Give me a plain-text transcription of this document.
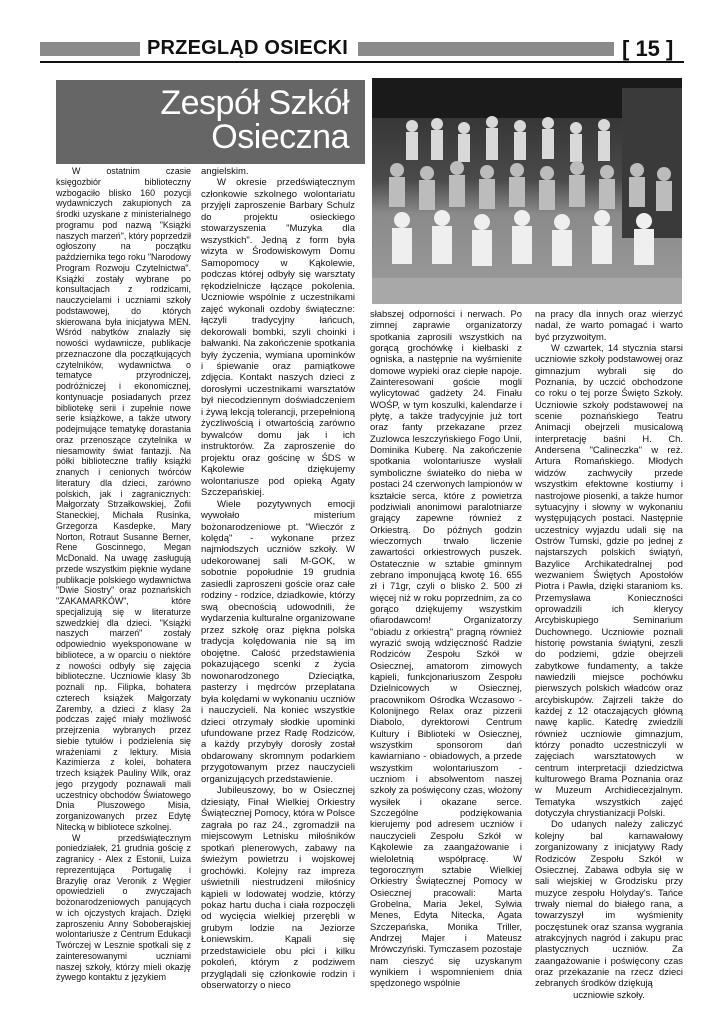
PRZEGLĄD OSIECKI	[ 15 ]
Zespół Szkół
Osieczna

W ostatnim czasie księgozbiór biblioteczny wzbogaciło blisko 160 pozycji wydawniczych zakupionych za środki uzyskane z ministerialnego programu pod nazwą "Książki naszych marzeń", który poprzedził ogłoszony na początku października tego roku "Narodowy Program Rozwoju Czytelnictwa". Książki zostały wybrane po konsultacjach z rodzicami, nauczycielami i uczniami szkoły podstawowej, do których skierowana była inicjatywa MEN. Wśród nabytków znalazły się nowości wydawnicze, publikacje przeznaczone dla początkujących czytelników, wydawnictwa o tematyce przyrodniczej, podróżniczej i ekonomicznej, kontynuacje posiadanych przez bibliotekę serii i zupełnie nowe serie książkowe, a także utwory podejmujące tematykę dorastania oraz przenoszące czytelnika w niesamowity świat fantazji. Na półki biblioteczne trafiły książki znanych i cenionych twórców literatury dla dzieci, zarówno polskich, jak i zagranicznych: Małgorzaty Strzałkowskiej, Zofii Staneckiej, Michała Rusinka, Grzegorza Kasdepke, Mary Norton, Rotraut Susanne Berner, Rene Goscinnego, Megan McDonald. Na uwagę zasługują przede wszystkim pięknie wydane publikacje polskiego wydawnictwa "Dwie Siostry" oraz poznańskich "ZAKAMARKÓW", które specjalizują się w literaturze szwedzkiej dla dzieci. "Książki naszych marzeń" zostały odpowiednio wyeksponowane w bibliotece, a w oparciu o niektóre z nowości odbyły się zajęcia biblioteczne. Uczniowie klasy 3b poznali np. Filipka, bohatera czterech książek Małgorzaty Zaremby, a dzieci z klasy 2a podczas zajęć miały możliwość przejrzenia wybranych przez siebie tytułów i podzielenia się wrażeniami z lektury. Misia Kazimierza z kolei, bohatera trzech książek Pauliny Wilk, oraz jego przygody poznawali mali uczestnicy obchodów Światowego Dnia Pluszowego Misia, zorganizowanych przez Edytę Nitecką w bibliotece szkolnej.

W przedświątecznym poniedziałek, 21 grudnia gościę z zagranicy - Alex z Estonii, Luiza reprezentująca Portugalię i Brazylię oraz Veronik z Węgier opowiedzieli o zwyczajach bożonarodzeniowych panujących w ich ojczystych krajach. Dzięki zaproszeniu Anny Soboberajskiej wolontariusze z Centrum Edukacji Twórczej w Lesznie spotkali się z zainteresowanymi uczniami naszej szkoły, którzy mieli okazję żywego kontaktu z językiem

angielskim.

W okresie przedświątecznym członkowie szkolnego wolontariatu przyjęli zaproszenie Barbary Schulz do projektu osieckiego stowarzyszenia "Muzyka dla wszystkich". Jedną z form była wizyta w Środowiskowym Domu Samopomocy w Kąkolewie, podczas której odbyły się warsztaty rękodzielnicze łączące pokolenia. Uczniowie wspólnie z uczestnikami zajęć wykonali ozdoby świąteczne: łączyli tradycyjny łańcuch, dekorowali bombki, szyli choinki i bałwanki. Na zakończenie spotkania były życzenia, wymiana upominków i śpiewanie oraz pamiątkowe zdjęcia. Kontakt naszych dzieci z dorosłymi uczestnikami warsztatów był niecodziennym doświadczeniem i żywą lekcją tolerancji, przepełnioną życzliwością i otwartością zarówno bywalców domu jak i ich instruktorów. Za zaproszenie do projektu oraz gościnę w ŚDS w Kąkolewie dziękujemy wolontariusze pod opieką Agaty Szczepańskiej.

Wiele pozytywnych emocji wywołało misterium bożonarodzeniowe pt. "Wieczór z kolędą" - wykonane przez najmłodszych uczniów szkoły. W udekorowanej sali M-GOK, w sobotnie popołudnie 19 grudnia zasiedli zaproszeni goście oraz całe rodziny - rodzice, dziadkowie, którzy swą obecnością udowodnili, że wydarzenia kulturalne organizowane przez szkołę oraz piękna polska tradycja kolędowania nie są im obojętne. Całość przedstawienia pokazującego scenki z życia nowonarodzonego Dzieciątka, pasterzy i mędrców przeplatana była kolędami w wykonaniu uczniów i nauczycieli. Na koniec wszystkie dzieci otrzymały słodkie upominki ufundowane przez Radę Rodziców, a każdy przybyły dorosły został obdarowany skromnym podarkiem przygotowanym przez nauczycieli organizujących przedstawienie.

Jubileuszowy, bo w Osiecznej dziesiąty, Finał Wielkiej Orkiestry Świątecznej Pomocy, która w Polsce zagrała po raz 24., zgromadził na miejscowym Letnisku miłośników spotkań plenerowych, zabawy na świeżym powietrzu i wojskowej grochówki. Kolejny raz impreza uświetnili niestrudzeni miłośnicy kąpieli w lodowatej wodzie, którzy pokaz hartu ducha i ciała rozpoczęli od wycięcia wielkiej przerębli w grubym lodzie na Jeziorze Łoniewskim. Kąpali się przedstawiciele obu płci i kilku pokoleń, którym z podziwem przyglądali się członkowie rodzin i obserwatorzy o nieco

słabszej odporności i nerwach. Po zimnej zaprawie organizatorzy spotkania zaprosili wszystkich na gorącą grochówkę i kiełbaski z ogniska, a następnie na wyśmienite domowe wypieki oraz ciepłe napoje. Zainteresowani goście mogli wylicytować gadżety 24. Finału WOŚP, w tym koszulki, kalendarze i płytę, a także tradycyjnie już tort oraz fanty przekazane przez Zuzlowca leszczyńskiego Fogo Unii, Dominika Kuberę. Na zakończenie spotkania wolontariusze wysłali symboliczne światełko do nieba w postaci 24 czerwonych lampionów w kształcie serca, które z powietrza podziwiali anonimowi paralotniarze grający zapewne również z Orkiestrą. Do późnych godzin wieczornych trwało liczenie zawartości orkiestrowych puszek. Ostatecznie w sztabie gminnym zebrano imponującą kwotę 16. 655 zł i 71gr, czyli o blisko 2. 500 zł więcej niż w roku poprzednim, za co gorąco dziękujemy wszystkim ofiarodawcom! Organizatorzy "obiadu z orkiestrą" pragną również wyrazić swoją wdzięczność Radzie Rodziców Zespołu Szkół w Osiecznej, amatorom zimowych kąpieli, funkcjonariuszom Zespołu Dzielnicowych w Osiecznej, pracownikom Ośrodka Wczasowo - Kolonijnego Relax oraz pizzerii Diabolo, dyrektorowi Centrum Kultury i Biblioteki w Osiecznej, wszystkim sponsorom dań kawiarniano - obiadowych, a przede wszystkim wolontariuszom - uczniom i absolwentom naszej szkoły za poświęcony czas, włożony wysiłek i okazane serce. Szczególne podziękowania kierujemy pod adresem uczniów i nauczycieli Zespołu Szkół w Kąkolewie za zaangażowanie i wieloletnią współpracę. W tegorocznym sztabie Wielkiej Orkiestry Świątecznej Pomocy w Osiecznej pracowali: Marta Grobelna, Maria Jekel, Sylwia Menes, Edyta Nitecka, Agata Szczepańska, Monika Triller, Andrzej Majer i Mateusz Mrówczyński. Tymczasem pozostaje nam cieszyć się uzyskanym wynikiem i wspomnieniem dnia spędzonego wspólnie

na pracy dla innych oraz wierzyć nadal, że warto pomagać i warto być przyzwoitym.

W czwartek, 14 stycznia starsi uczniowie szkoły podstawowej oraz gimnazjum wybrali się do Poznania, by uczcić obchodzone co roku o tej porze Święto Szkoły. Uczniowie szkoły podstawowej na scenie poznańskiego Teatru Animacji obejrzeli musicalową interpretację baśni H. Ch. Andersena "Calineczka" w reż. Artura Romańskiego. Młodych widzów zachwyciły przede wszystkim efektowne kostiumy i nastrojowe piosenki, a także humor sytuacyjny i słowny w wykonaniu występujących postaci. Następnie uczestnicy wyjazdu udali się na Ostrów Tumski, gdzie po jednej z najstarszych polskich świątyń, Bazylice Archikatedralnej pod wezwaniem Świętych Apostołów Piotra i Pawła, dzięki staraniom ks. Przemysława Konieczności oprowadzili ich klerycy Arcybiskupiego Seminarium Duchownego. Uczniowie poznali historię powstania świątyni, zeszli do podziemi, gdzie obejrzeli zabytkowe fundamenty, a także nawiedzili miejsce pochówku pierwszych polskich władców oraz arcybiskupów. Zajrzeli także do każdej z 12 otaczających główną nawę kaplic. Katedrę zwiedzili również uczniowie gimnazjum, którzy ponadto uczestniczyli w zajęciach warsztatowych w centrum interpretacji dziedzictwa kulturowego Brama Poznania oraz w Muzeum Archidiecezjalnym. Tematyka wszystkich zajęć dotyczyła chrystianizacji Polski.

Do udanych należy zaliczyć kolejny bal karnawałowy zorganizowany z inicjatywy Rady Rodziców Zespołu Szkół w Osiecznej. Zabawa odbyła się w sali wiejskiej w Grodzisku przy muzyce zespołu Holyday's. Tańce trwały niemal do białego rana, a towarzyszył im wyśmienity poczęstunek oraz szansa wygrania atrakcyjnych nagród i zakupu prac plastycznych uczniów. Za zaangażowanie i poświęcony czas oraz przekazanie na rzecz dzieci zebranych środków dziękują

uczniowie szkoły.
